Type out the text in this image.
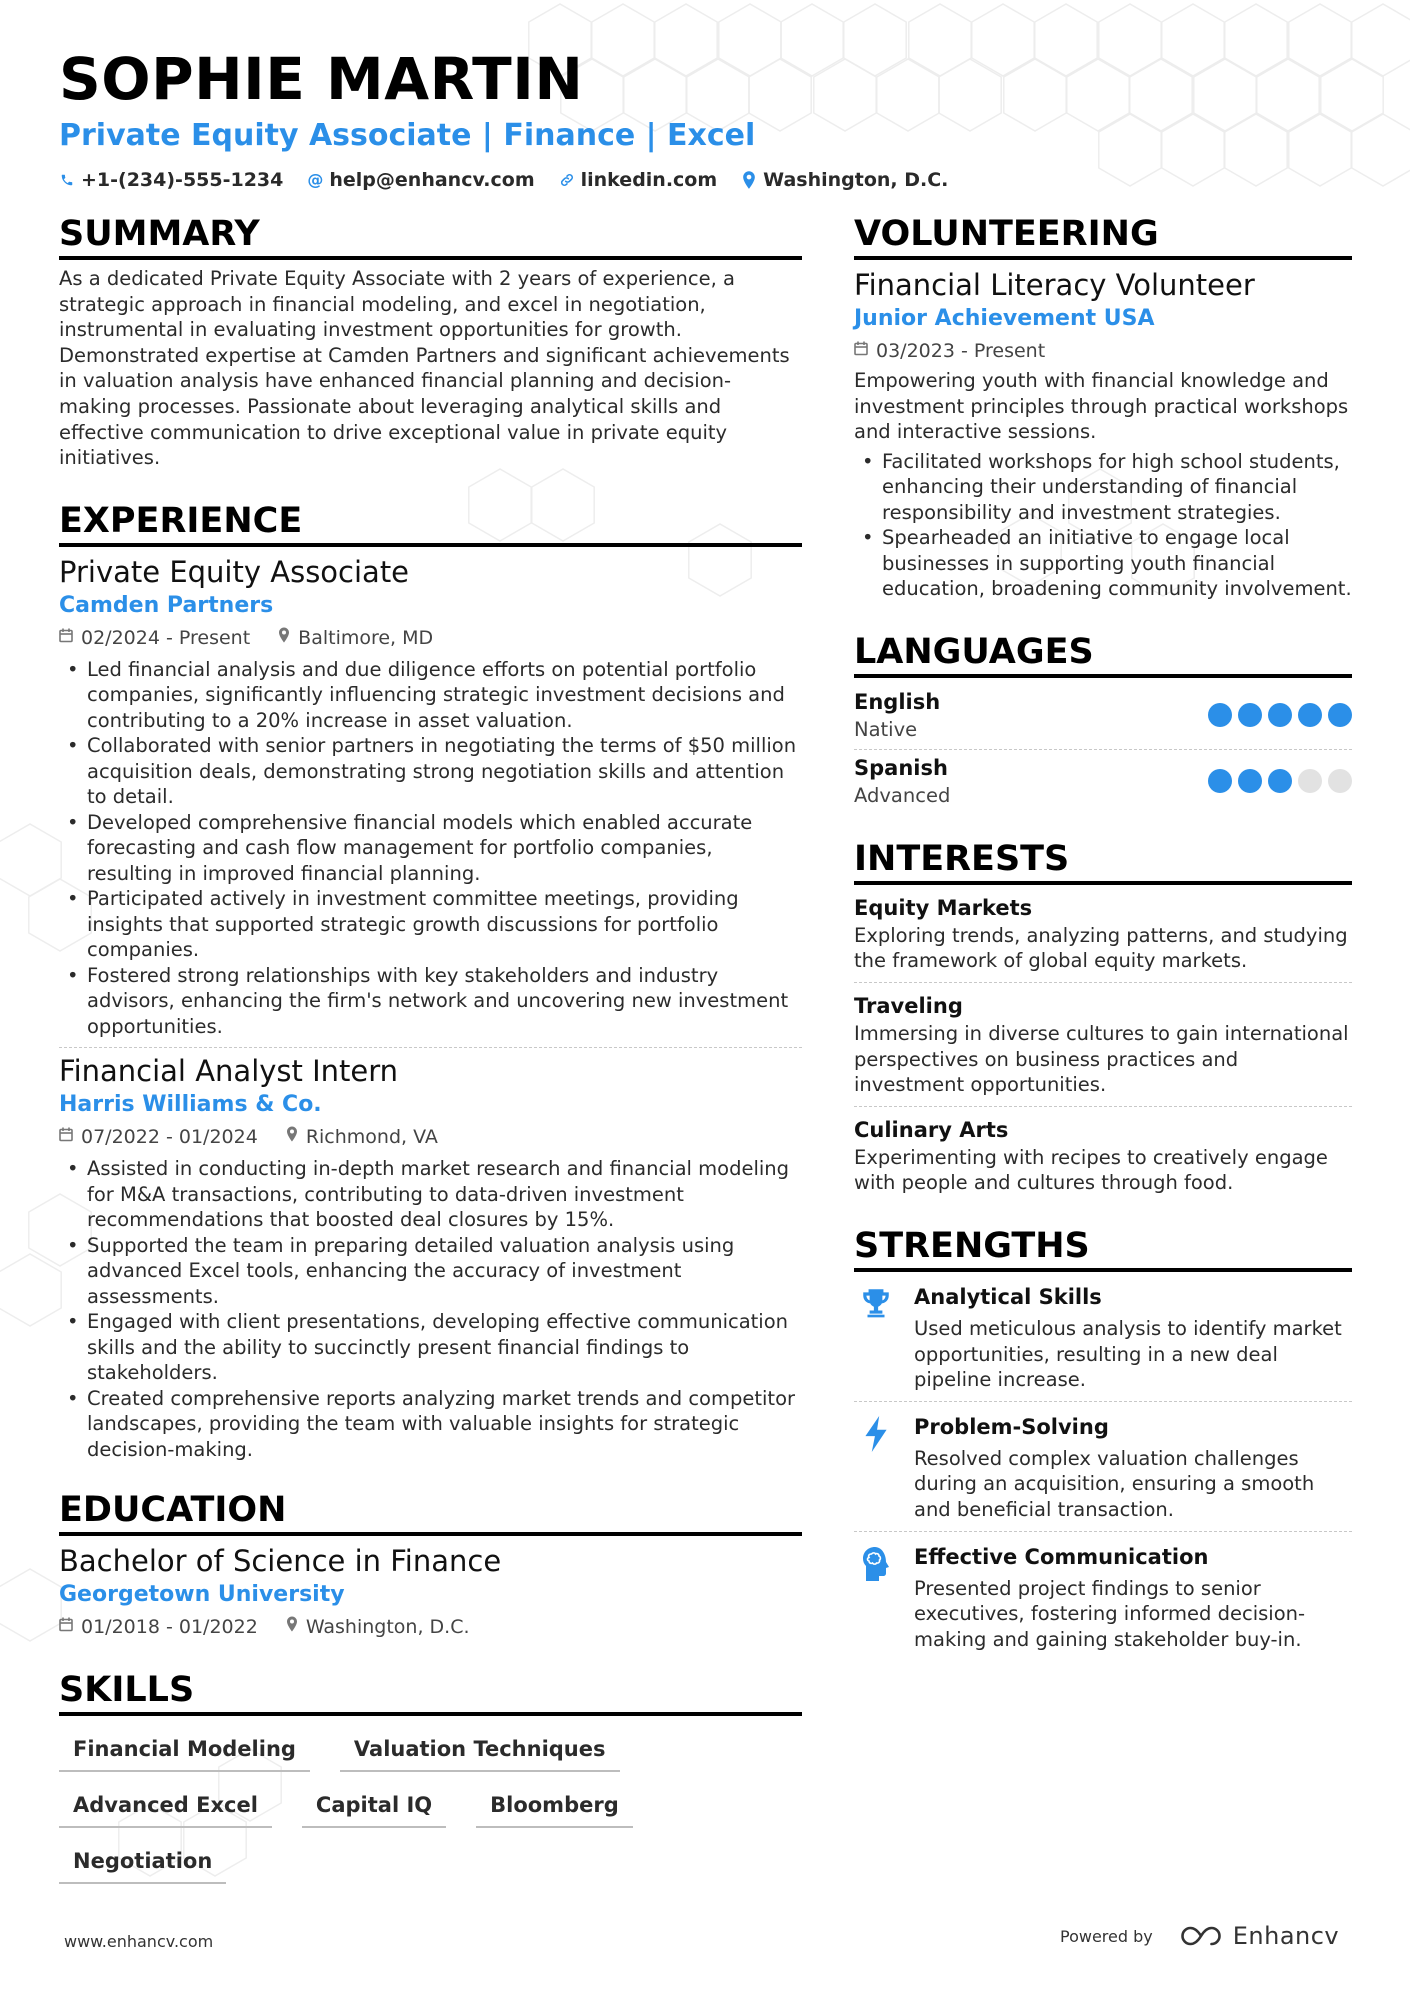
SOPHIE MARTIN
Private Equity Associate | Finance | Excel
+1-(234)-555-1234 @ help@enhancv.com linkedin.com Washington, D.C.
SUMMARY

As a dedicated Private Equity Associate with 2 years of experience, a strategic approach in financial modeling, and excel in negotiation, instrumental in evaluating investment opportunities for growth. Demonstrated expertise at Camden Partners and significant achievements in valuation analysis have enhanced financial planning and decision-making processes. Passionate about leveraging analytical skills and effective communication to drive exceptional value in private equity initiatives.

EXPERIENCE
Private Equity Associate
Camden Partners
02/2024 - Present	Baltimore, MD
• Led financial analysis and due diligence efforts on potential portfolio companies, significantly influencing strategic investment decisions and contributing to a 20% increase in asset valuation.
• Collaborated with senior partners in negotiating the terms of $50 million acquisition deals, demonstrating strong negotiation skills and attention to detail.
• Developed comprehensive financial models which enabled accurate forecasting and cash flow management for portfolio companies, resulting in improved financial planning.
• Participated actively in investment committee meetings, providing insights that supported strategic growth discussions for portfolio companies.
• Fostered strong relationships with key stakeholders and industry advisors, enhancing the firm's network and uncovering new investment opportunities.
Financial Analyst Intern
Harris Williams & Co.
07/2022 - 01/2024	Richmond, VA
• Assisted in conducting in-depth market research and financial modeling for M&A transactions, contributing to data-driven investment recommendations that boosted deal closures by 15%.
• Supported the team in preparing detailed valuation analysis using advanced Excel tools, enhancing the accuracy of investment assessments.
• Engaged with client presentations, developing effective communication skills and the ability to succinctly present financial findings to stakeholders.
• Created comprehensive reports analyzing market trends and competitor landscapes, providing the team with valuable insights for strategic decision-making.
EDUCATION
Bachelor of Science in Finance
Georgetown University
01/2018 - 01/2022	Washington, D.C.
SKILLS
Financial Modeling	Valuation Techniques
Advanced Excel	Capital IQ	Bloomberg
Negotiation
VOLUNTEERING
Financial Literacy Volunteer
Junior Achievement USA
03/2023 - Present

Empowering youth with financial knowledge and investment principles through practical workshops and interactive sessions.

• Facilitated workshops for high school students, enhancing their understanding of financial responsibility and investment strategies.
• Spearheaded an initiative to engage local businesses in supporting youth financial education, broadening community involvement.
LANGUAGES
English
Native
Spanish
Advanced
INTERESTS
Equity Markets

Exploring trends, analyzing patterns, and studying the framework of global equity markets.

Traveling

Immersing in diverse cultures to gain international perspectives on business practices and investment opportunities.

Culinary Arts

Experimenting with recipes to creatively engage with people and cultures through food.

STRENGTHS
Analytical Skills

Used meticulous analysis to identify market opportunities, resulting in a new deal pipeline increase.

Problem-Solving

Resolved complex valuation challenges during an acquisition, ensuring a smooth and beneficial transaction.

Effective Communication

Presented project findings to senior executives, fostering informed decision-making and gaining stakeholder buy-in.

www.enhancv.com	Powered by	Enhancv
